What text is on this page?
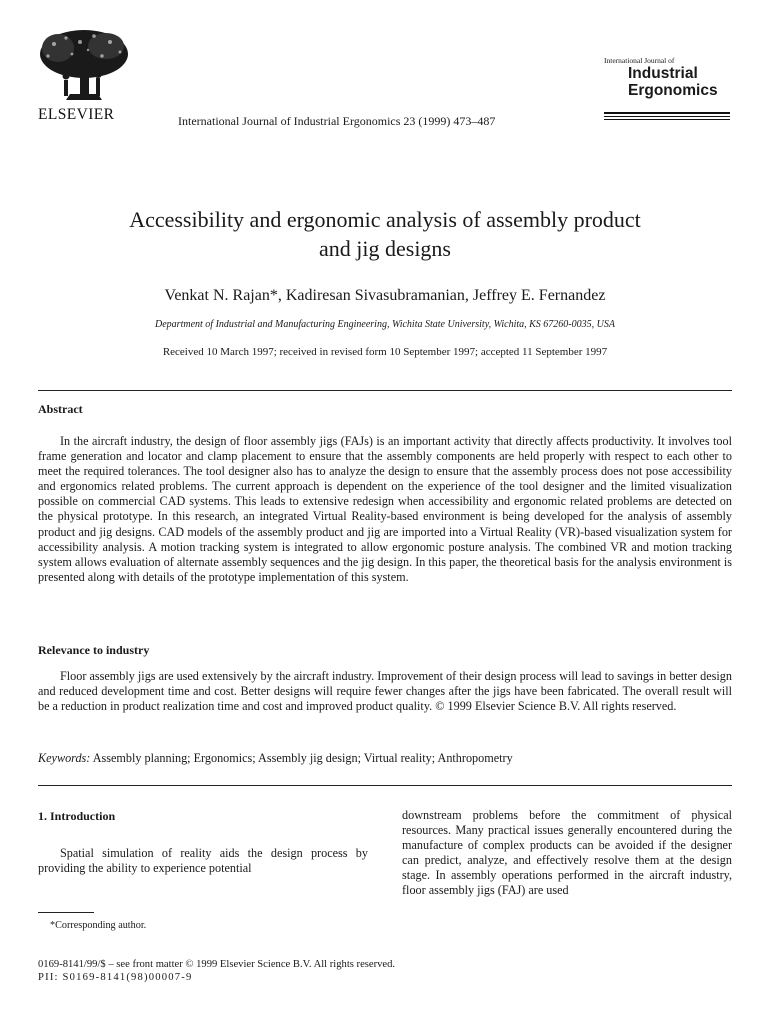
ELSEVIER	International Journal of Industrial Ergonomics 23 (1999) 473–487
International Journal of
Industrial
Ergonomics
Accessibility and ergonomic analysis of assembly product
and jig designs
Venkat N. Rajan*, Kadiresan Sivasubramanian, Jeffrey E. Fernandez
Department of Industrial and Manufacturing Engineering, Wichita State University, Wichita, KS 67260-0035, USA
Received 10 March 1997; received in revised form 10 September 1997; accepted 11 September 1997
Abstract
In the aircraft industry, the design of floor assembly jigs (FAJs) is an important activity that directly affects productivity. It involves tool frame generation and locator and clamp placement to ensure that the assembly components are held properly with respect to each other to meet the required tolerances. The tool designer also has to analyze the design to ensure that the assembly process does not pose accessibility and ergonomics related problems. The current approach is dependent on the experience of the tool designer and the limited visualization possible on commercial CAD systems. This leads to extensive redesign when accessibility and ergonomic related problems are detected on the physical prototype. In this research, an integrated Virtual Reality-based environment is being developed for the analysis of assembly product and jig designs. CAD models of the assembly product and jig are imported into a Virtual Reality (VR)-based visualization system for accessibility analysis. A motion tracking system is integrated to allow ergonomic posture analysis. The combined VR and motion tracking system allows evaluation of alternate assembly sequences and the jig design. In this paper, the theoretical basis for the analysis environment is presented along with details of the prototype implementation of this system.
Relevance to industry
Floor assembly jigs are used extensively by the aircraft industry. Improvement of their design process will lead to savings in better design and reduced development time and cost. Better designs will require fewer changes after the jigs have been fabricated. The overall result will be a reduction in product realization time and cost and improved product quality. © 1999 Elsevier Science B.V. All rights reserved.
Keywords: Assembly planning; Ergonomics; Assembly jig design; Virtual reality; Anthropometry
1. Introduction
Spatial simulation of reality aids the design process by providing the ability to experience potential
downstream problems before the commitment of physical resources. Many practical issues generally encountered during the manufacture of complex products can be avoided if the designer can predict, analyze, and effectively resolve them at the design stage. In assembly operations performed in the aircraft industry, floor assembly jigs (FAJ) are used
*Corresponding author.
0169-8141/99/$ – see front matter © 1999 Elsevier Science B.V. All rights reserved.
PII: S0169-8141(98)00007-9
